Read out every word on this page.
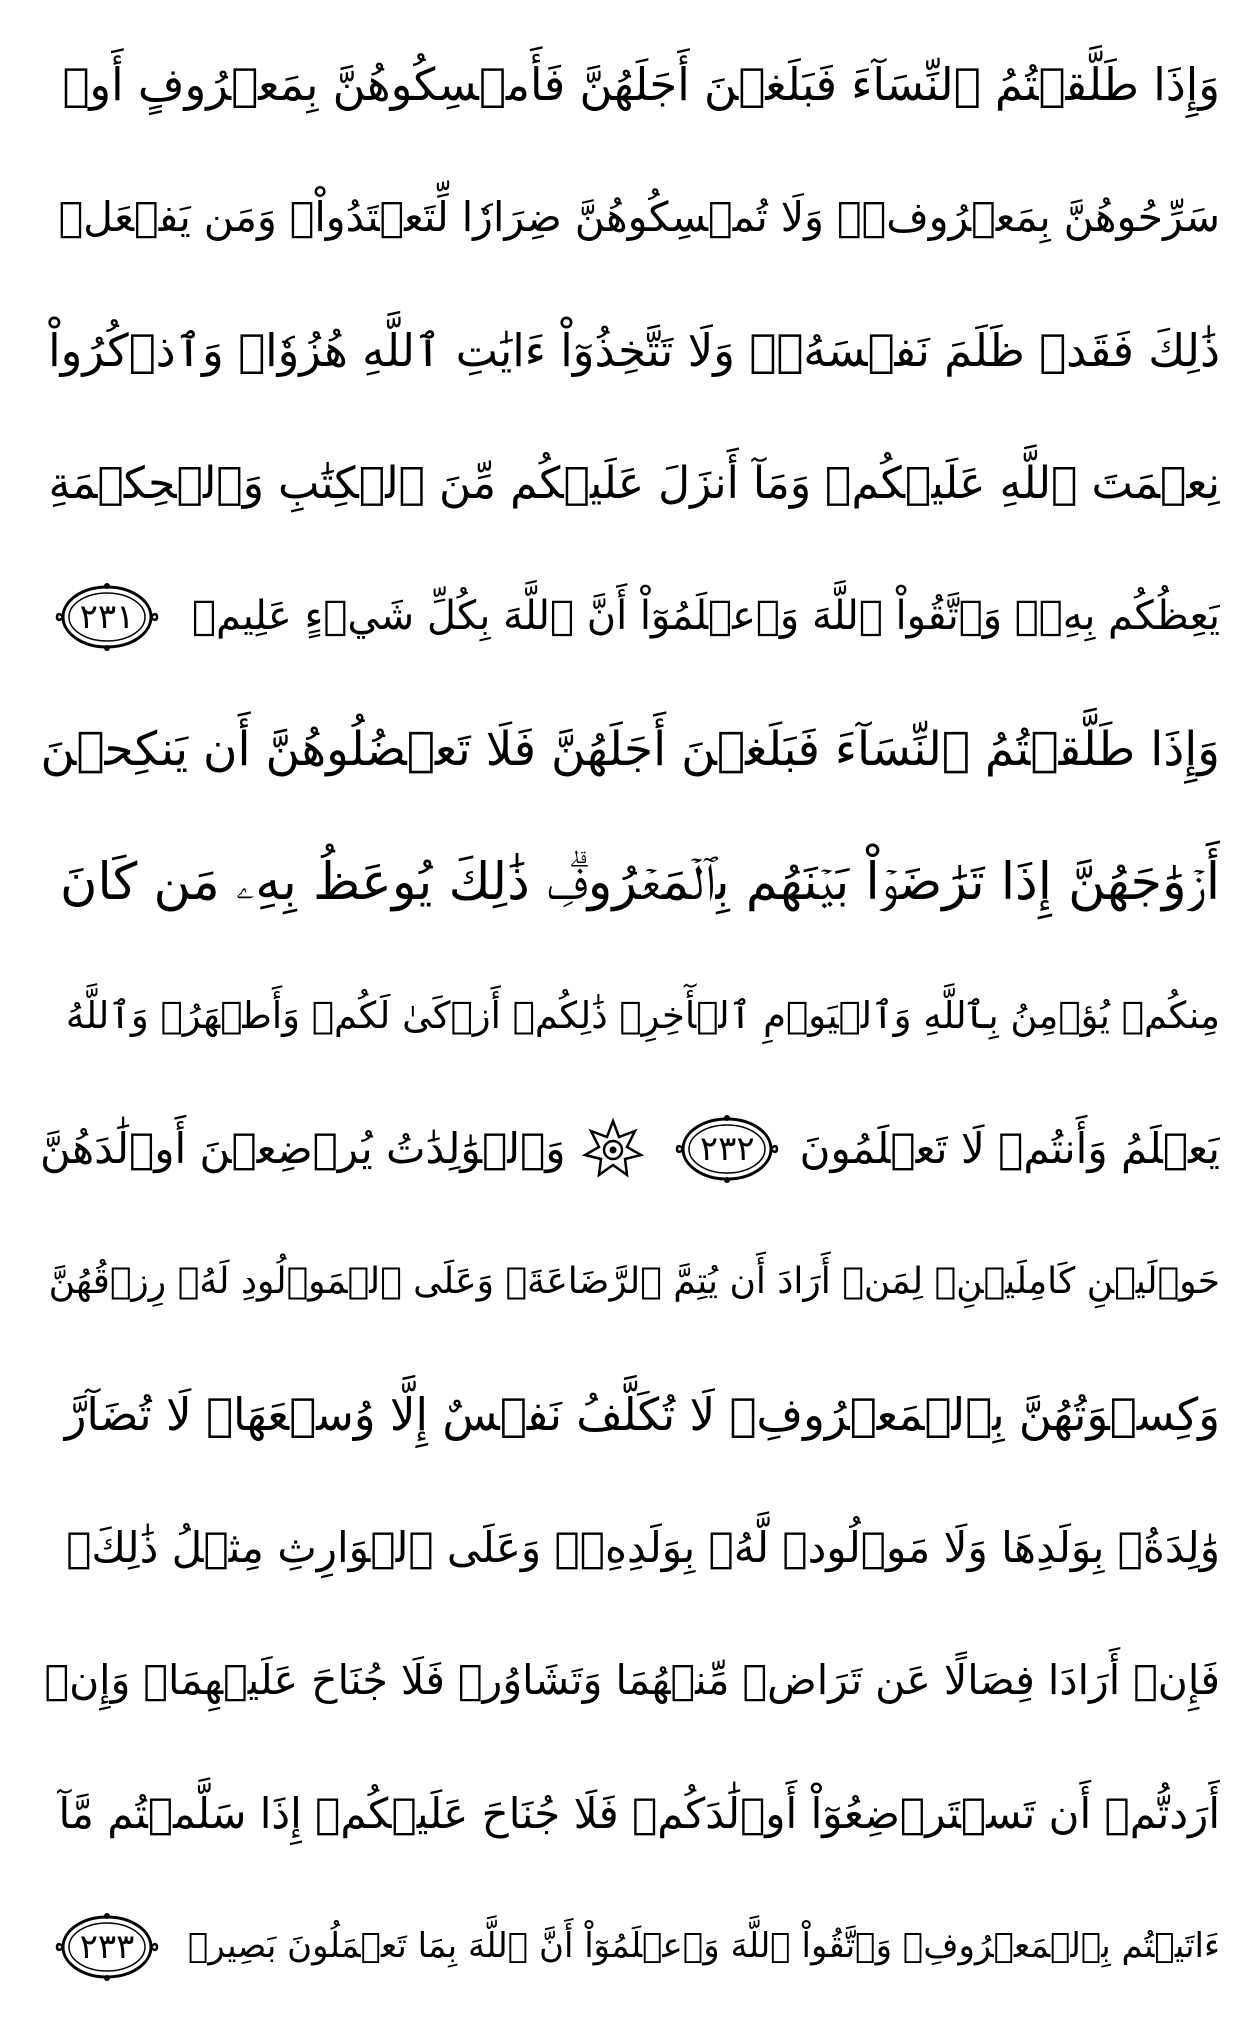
وَإِذَا طَلَّقۡتُمُ ٱلنِّسَآءَ فَبَلَغۡنَ أَجَلَهُنَّ فَأَمۡسِكُوهُنَّ بِمَعۡرُوفٍ أَوۡ
سَرِّحُوهُنَّ بِمَعۡرُوفٖۚ وَلَا تُمۡسِكُوهُنَّ ضِرَارٗا لِّتَعۡتَدُواْۚ وَمَن يَفۡعَلۡ
ذَٰلِكَ فَقَدۡ ظَلَمَ نَفۡسَهُۥۚ وَلَا تَتَّخِذُوٓاْ ءَايَٰتِ ٱللَّهِ هُزُوٗاۚ وَٱذۡكُرُواْ
نِعۡمَتَ ٱللَّهِ عَلَيۡكُمۡ وَمَآ أَنزَلَ عَلَيۡكُم مِّنَ ٱلۡكِتَٰبِ وَٱلۡحِكۡمَةِ
يَعِظُكُم بِهِۦۚ وَٱتَّقُواْ ٱللَّهَ وَٱعۡلَمُوٓاْ أَنَّ ٱللَّهَ بِكُلِّ شَيۡءٍ عَلِيمٞ
٢٣١
وَإِذَا طَلَّقۡتُمُ ٱلنِّسَآءَ فَبَلَغۡنَ أَجَلَهُنَّ فَلَا تَعۡضُلُوهُنَّ أَن يَنكِحۡنَ
أَزۡوَٰجَهُنَّ إِذَا تَرَٰضَوۡاْ بَيۡنَهُم بِٱلۡمَعۡرُوفِۗ ذَٰلِكَ يُوعَظُ بِهِۦ مَن كَانَ
مِنكُمۡ يُؤۡمِنُ بِٱللَّهِ وَٱلۡيَوۡمِ ٱلۡأٓخِرِۗ ذَٰلِكُمۡ أَزۡكَىٰ لَكُمۡ وَأَطۡهَرُۚ وَٱللَّهُ
يَعۡلَمُ وَأَنتُمۡ لَا تَعۡلَمُونَ
٢٣٢
وَٱلۡوَٰلِدَٰتُ يُرۡضِعۡنَ أَوۡلَٰدَهُنَّ
حَوۡلَيۡنِ كَامِلَيۡنِۖ لِمَنۡ أَرَادَ أَن يُتِمَّ ٱلرَّضَاعَةَۚ وَعَلَى ٱلۡمَوۡلُودِ لَهُۥ رِزۡقُهُنَّ
وَكِسۡوَتُهُنَّ بِٱلۡمَعۡرُوفِۚ لَا تُكَلَّفُ نَفۡسٌ إِلَّا وُسۡعَهَاۚ لَا تُضَآرَّ
وَٰلِدَةُۢ بِوَلَدِهَا وَلَا مَوۡلُودٞ لَّهُۥ بِوَلَدِهِۦۚ وَعَلَى ٱلۡوَارِثِ مِثۡلُ ذَٰلِكَۗ
فَإِنۡ أَرَادَا فِصَالًا عَن تَرَاضٖ مِّنۡهُمَا وَتَشَاوُرٖ فَلَا جُنَاحَ عَلَيۡهِمَاۗ وَإِنۡ
أَرَدتُّمۡ أَن تَسۡتَرۡضِعُوٓاْ أَوۡلَٰدَكُمۡ فَلَا جُنَاحَ عَلَيۡكُمۡ إِذَا سَلَّمۡتُم مَّآ
ءَاتَيۡتُم بِٱلۡمَعۡرُوفِۗ وَٱتَّقُواْ ٱللَّهَ وَٱعۡلَمُوٓاْ أَنَّ ٱللَّهَ بِمَا تَعۡمَلُونَ بَصِيرٞ
٢٣٣
